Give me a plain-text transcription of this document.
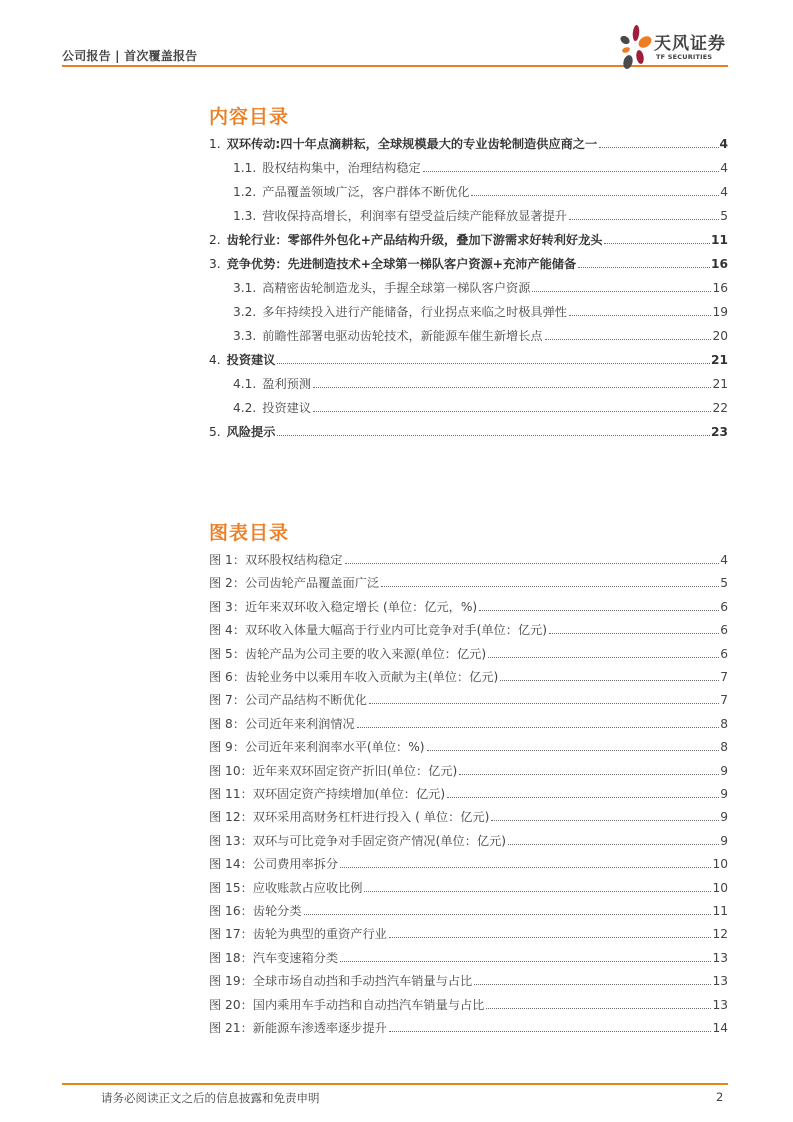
公司报告 | 首次覆盖报告
天风证券
TF SECURITIES
内容目录
1. 双环传动:四十年点滴耕耘，全球规模最大的专业齿轮制造供应商之一	4
1.1. 股权结构集中，治理结构稳定	4
1.2. 产品覆盖领域广泛，客户群体不断优化	4
1.3. 营收保持高增长，利润率有望受益后续产能释放显著提升	5
2. 齿轮行业：零部件外包化+产品结构升级，叠加下游需求好转利好龙头	11
3. 竞争优势：先进制造技术+全球第一梯队客户资源+充沛产能储备	16
3.1. 高精密齿轮制造龙头，手握全球第一梯队客户资源	16
3.2. 多年持续投入进行产能储备，行业拐点来临之时极具弹性	19
3.3. 前瞻性部署电驱动齿轮技术，新能源车催生新增长点	20
4. 投资建议	21
4.1. 盈利预测	21
4.2. 投资建议	22
5. 风险提示	23
图表目录
图 1：双环股权结构稳定	4
图 2：公司齿轮产品覆盖面广泛	5
图 3：近年来双环收入稳定增长 (单位：亿元，%)	6
图 4：双环收入体量大幅高于行业内可比竞争对手(单位：亿元)	6
图 5：齿轮产品为公司主要的收入来源(单位：亿元)	6
图 6：齿轮业务中以乘用车收入贡献为主(单位：亿元)	7
图 7：公司产品结构不断优化	7
图 8：公司近年来利润情况	8
图 9：公司近年来利润率水平(单位：%)	8
图 10：近年来双环固定资产折旧(单位：亿元)	9
图 11：双环固定资产持续增加(单位：亿元)	9
图 12：双环采用高财务杠杆进行投入 ( 单位：亿元)	9
图 13：双环与可比竞争对手固定资产情况(单位：亿元)	9
图 14：公司费用率拆分	10
图 15：应收账款占应收比例	10
图 16：齿轮分类	11
图 17：齿轮为典型的重资产行业	12
图 18：汽车变速箱分类	13
图 19：全球市场自动挡和手动挡汽车销量与占比	13
图 20：国内乘用车手动挡和自动挡汽车销量与占比	13
图 21：新能源车渗透率逐步提升	14
请务必阅读正文之后的信息披露和免责申明	2
